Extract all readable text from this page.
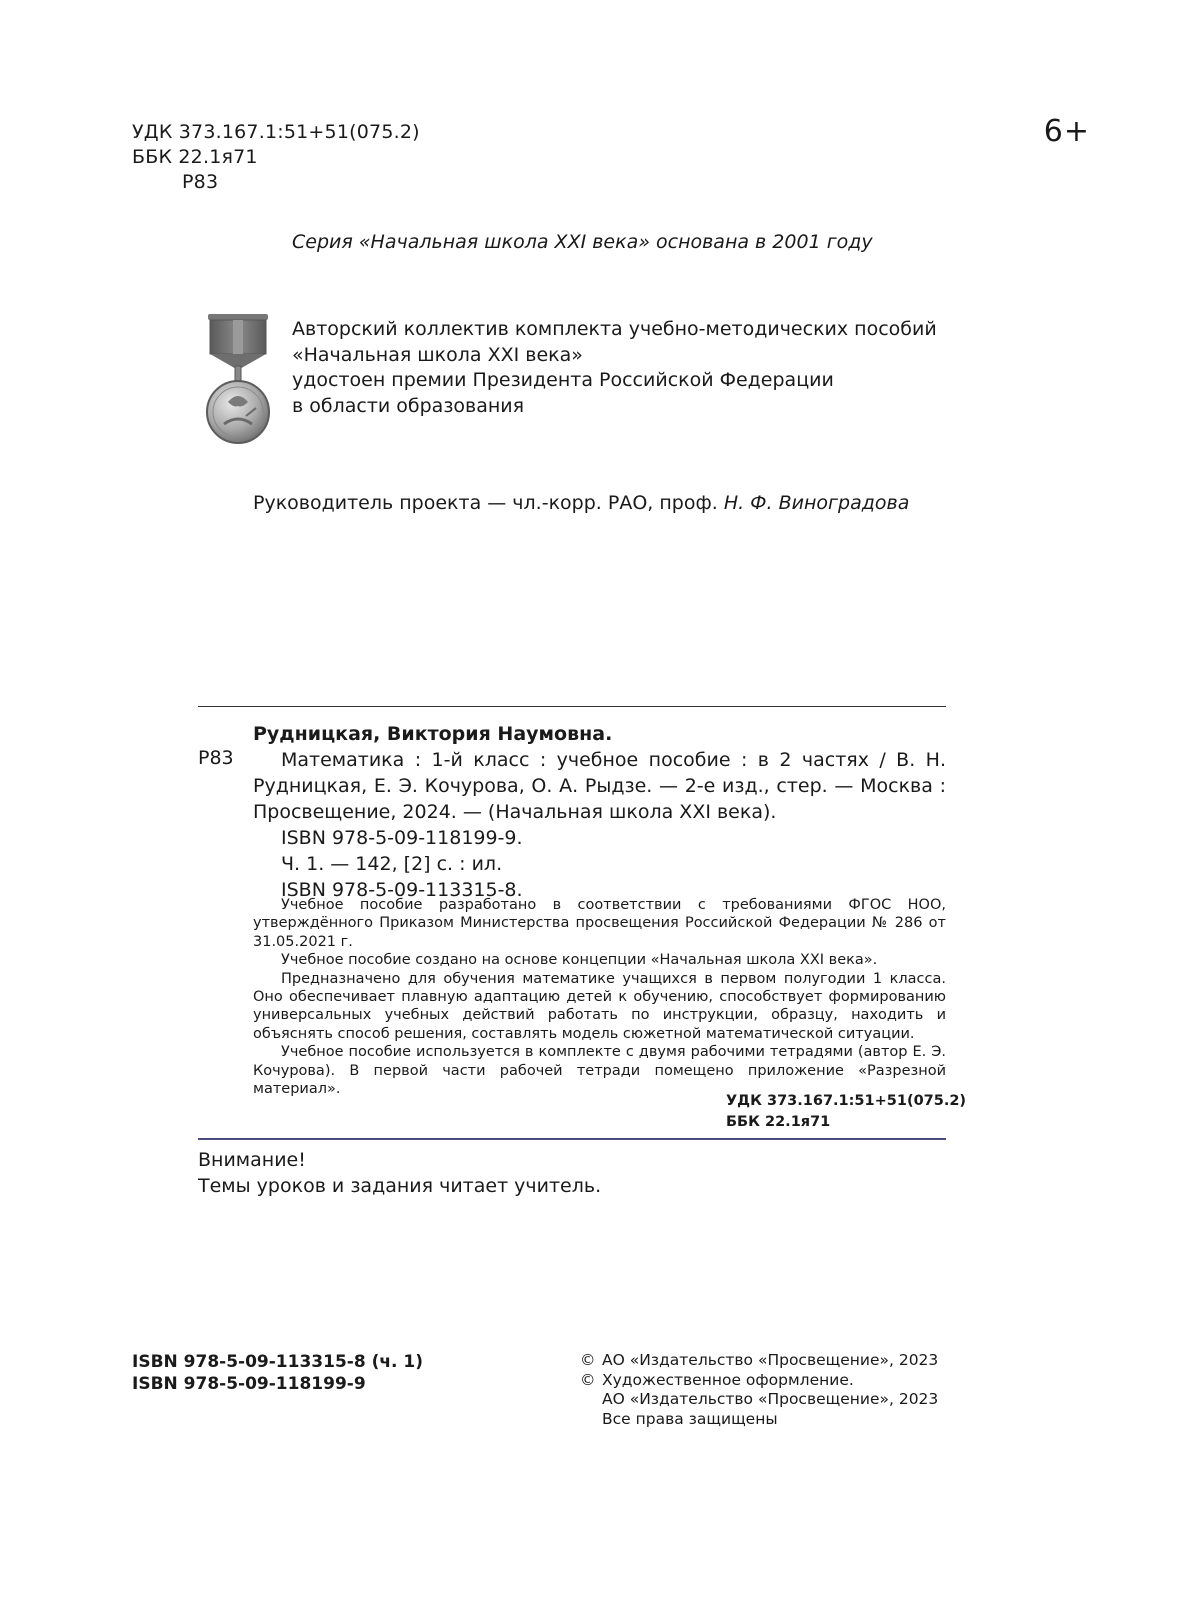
УДК 373.167.1:51+51(075.2)
ББК 22.1я71
Р83
6+
Серия «Начальная школа XXI века» основана в 2001 году
Авторский коллектив комплекта учебно-методических пособий
«Начальная школа XXI века»
удостоен премии Президента Российской Федерации
в области образования
Руководитель проекта — чл.-корр. РАО, проф. Н. Ф. Виноградова
Р83
Рудницкая, Виктория Наумовна.

Математика : 1-й класс : учебное пособие : в 2 частях / В. Н. Рудницкая, Е. Э. Кочурова, О. А. Рыдзе. — 2-е изд., стер. — Москва : Просвещение, 2024. — (Начальная школа XXI века).

ISBN 978-5-09-118199-9.
Ч. 1. — 142, [2] с. : ил.
ISBN 978-5-09-113315-8.

Учебное пособие разработано в соответствии с требованиями ФГОС НОО, утверждённого Приказом Министерства просвещения Российской Федерации № 286 от 31.05.2021 г.

Учебное пособие создано на основе концепции «Начальная школа XXI века».

Предназначено для обучения математике учащихся в первом полугодии 1 класса. Оно обеспечивает плавную адаптацию детей к обучению, способствует формированию универсальных учебных действий работать по инструкции, образцу, находить и объяснять способ решения, составлять модель сюжетной математической ситуации.

Учебное пособие используется в комплекте с двумя рабочими тетрадями (автор Е. Э. Кочурова). В первой части рабочей тетради помещено приложение «Разрезной материал».

УДК 373.167.1:51+51(075.2)
ББК 22.1я71
Внимание!
Темы уроков и задания читает учитель.
ISBN 978-5-09-113315-8 (ч. 1)
ISBN 978-5-09-118199-9
© АО «Издательство «Просвещение», 2023
© Художественное оформление.
АО «Издательство «Просвещение», 2023
Все права защищены
